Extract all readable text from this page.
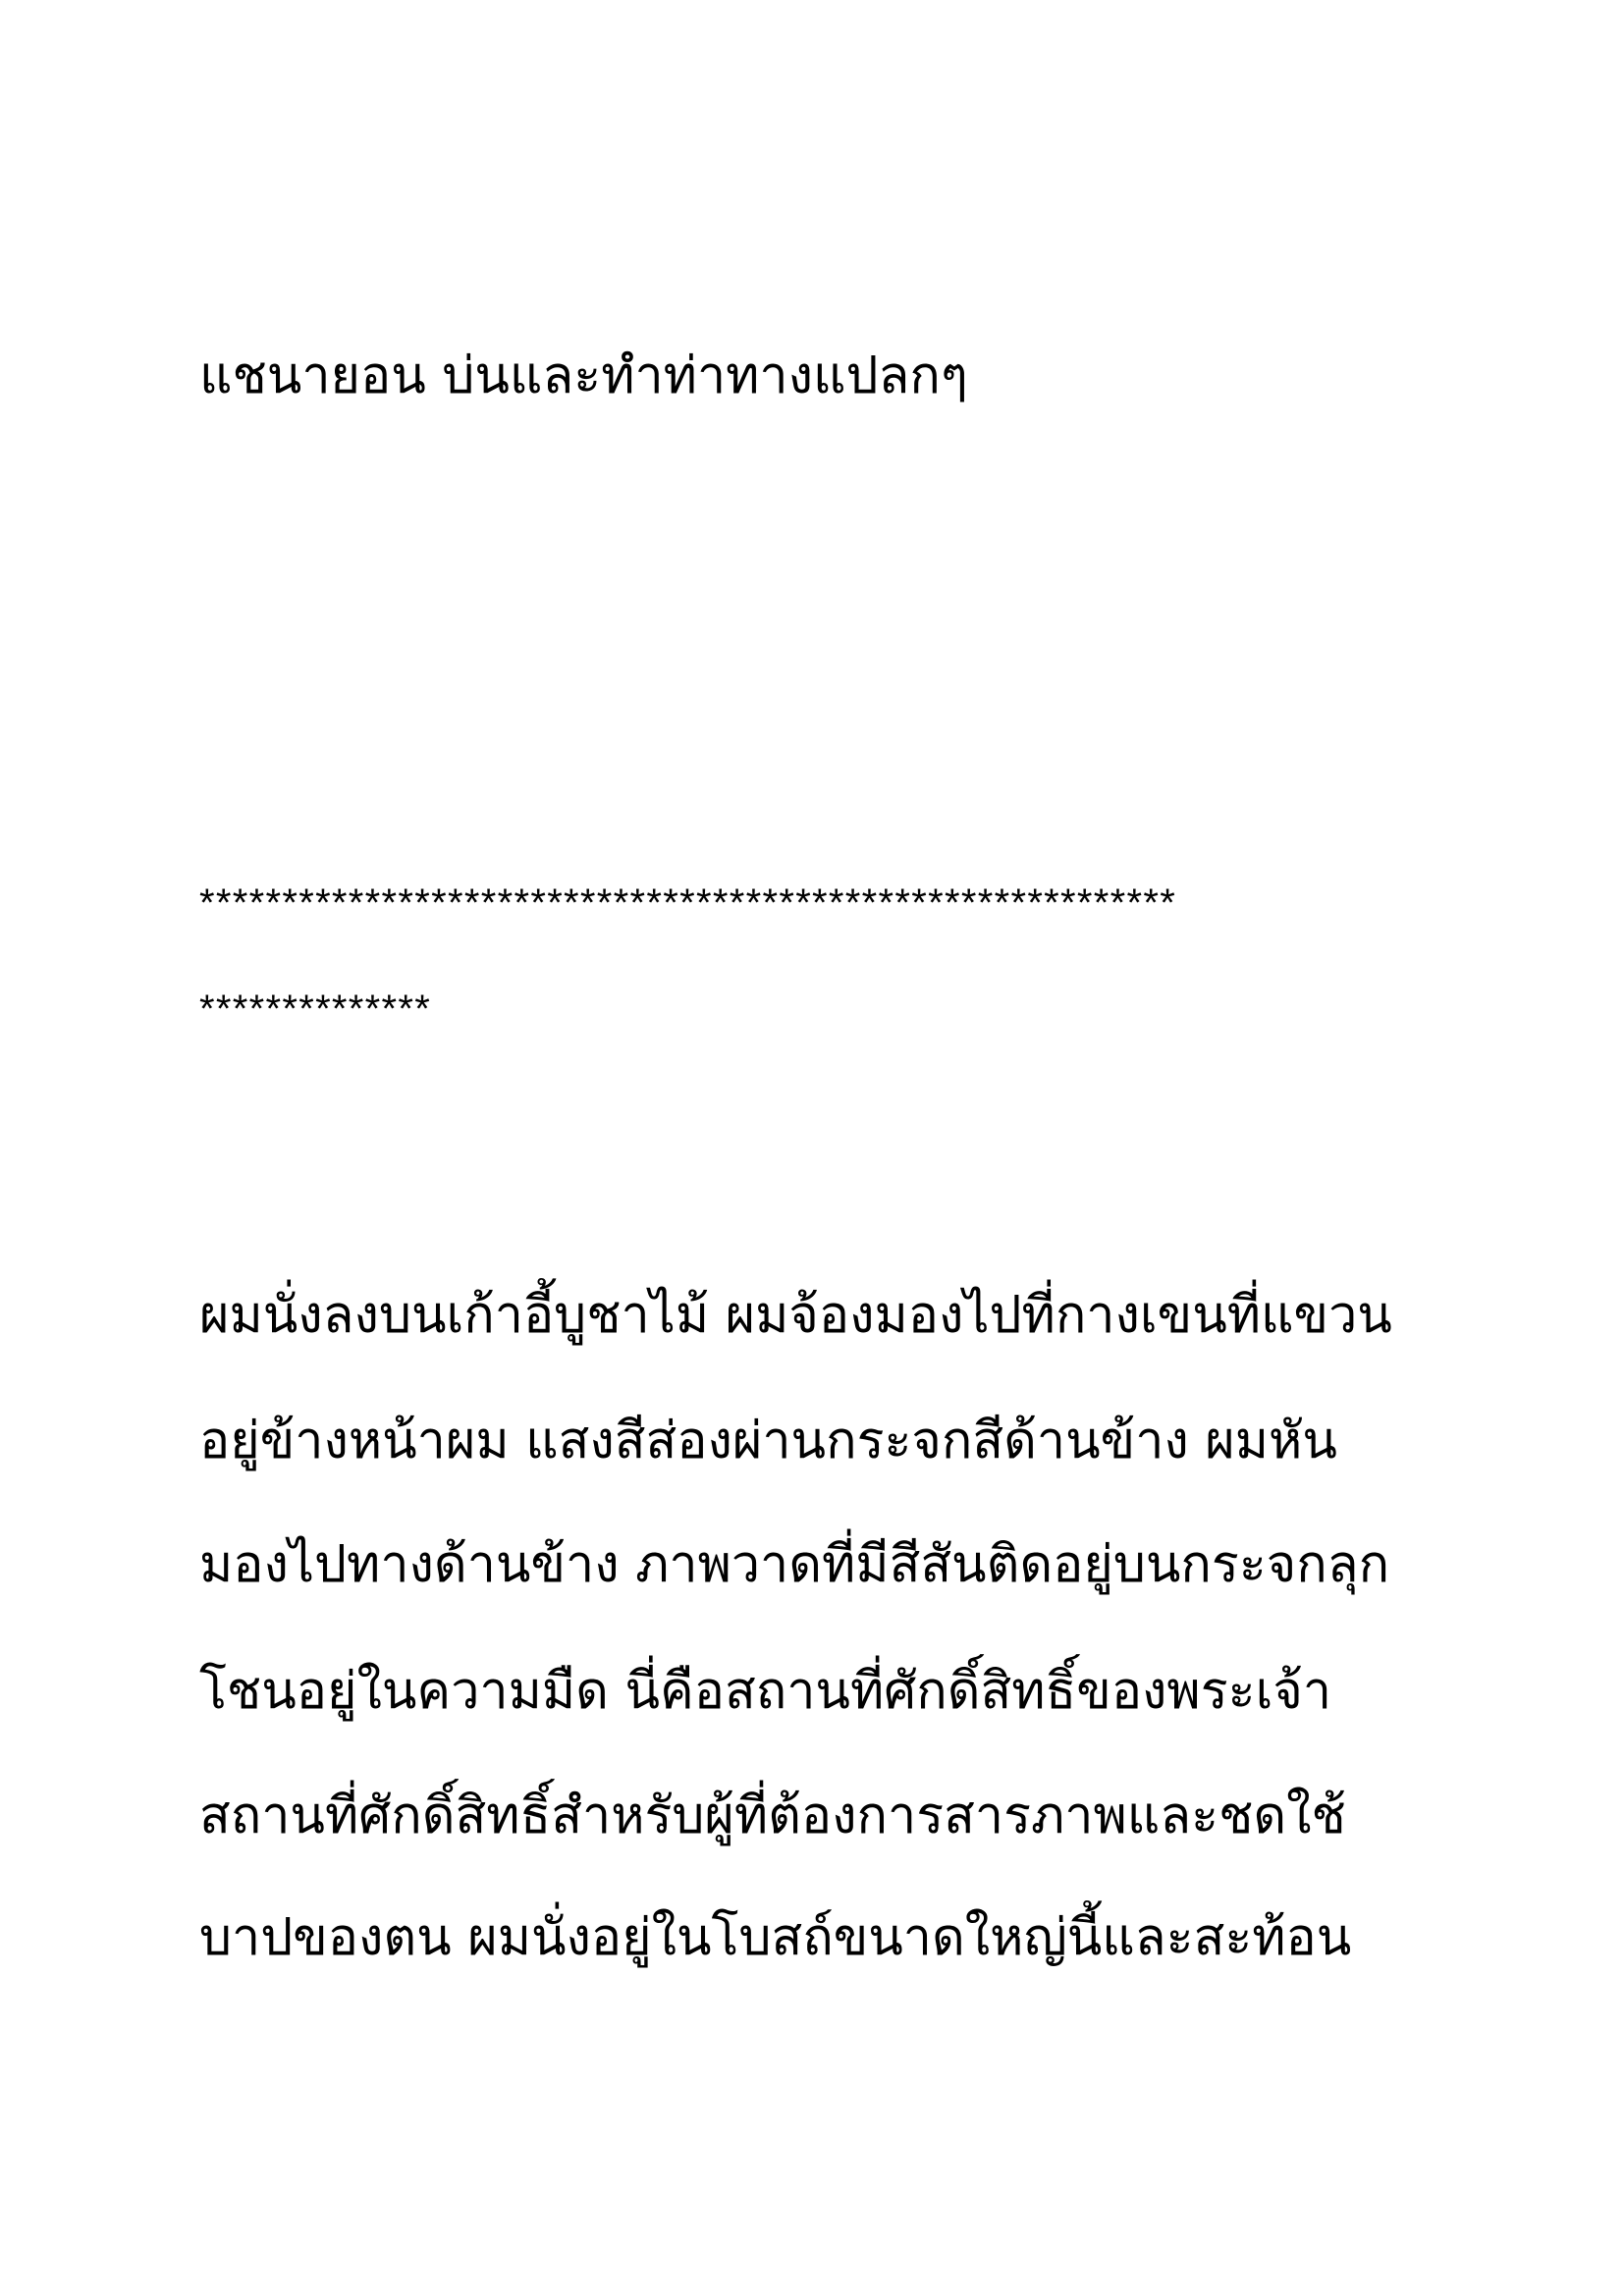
แชนายอน บ่นและทำท่าทางแปลกๆ
***********************************************************
**************
ผมนั่งลงบนเก้าอี้บูชาไม้ ผมจ้องมองไปที่กางเขนที่แขวน
อยู่ข้างหน้าผม แสงสีส่องผ่านกระจกสีด้านข้าง ผมหัน
มองไปทางด้านข้าง ภาพวาดที่มีสีสันติดอยู่บนกระจกลุก
โชนอยู่ในความมืด นี่คือสถานที่ศักดิ์สิทธิ์ของพระเจ้า
สถานที่ศักดิ์สิทธิ์สำหรับผู้ที่ต้องการสารภาพและชดใช้
บาปของตน ผมนั่งอยู่ในโบสถ์ขนาดใหญ่นี้และสะท้อน
